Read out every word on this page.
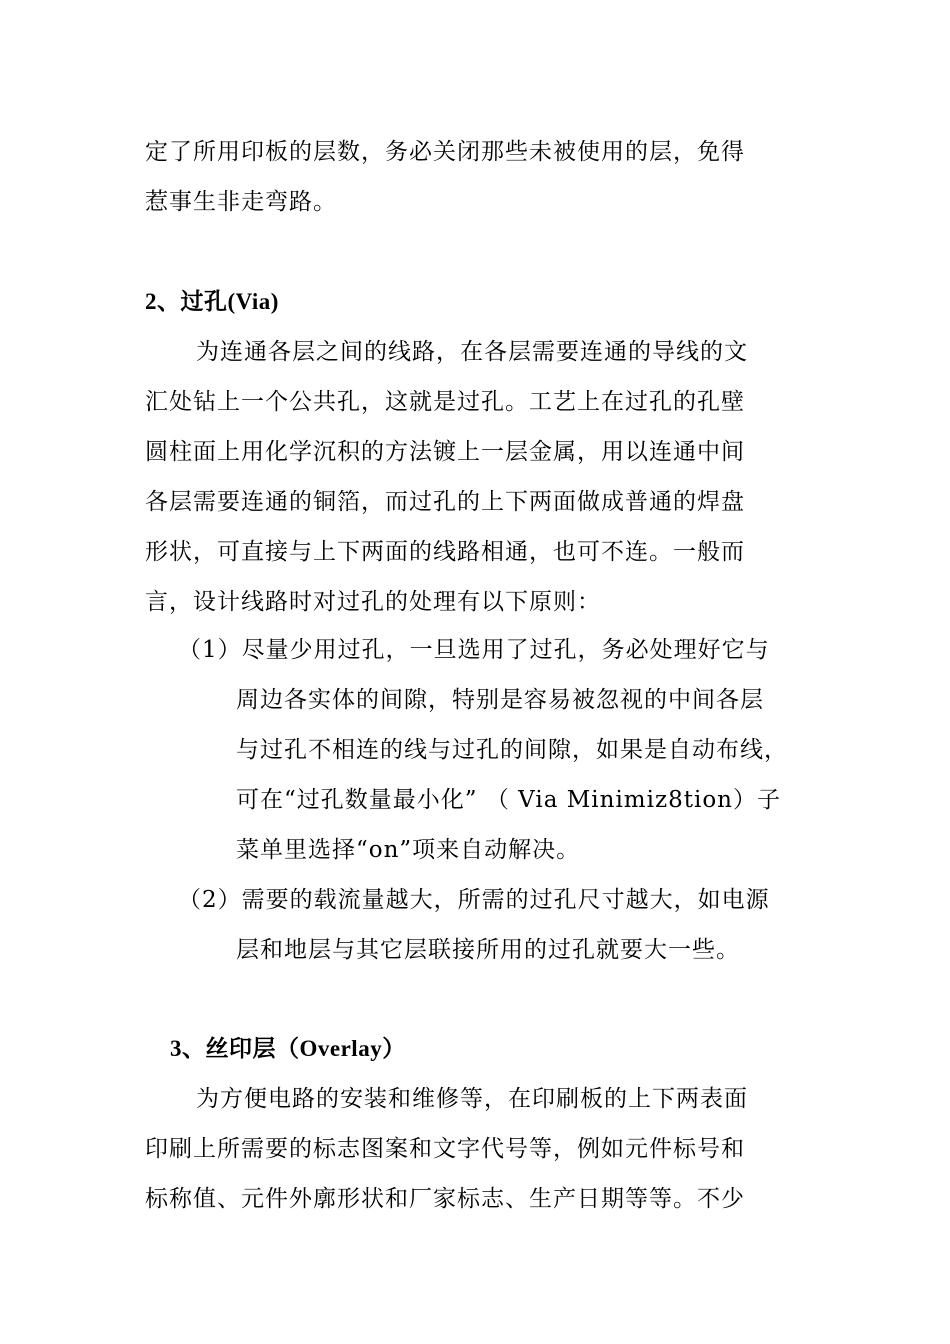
定了所用印板的层数，务必关闭那些未被使用的层，免得
惹事生非走弯路。
2、过孔(Via)
为连通各层之间的线路，在各层需要连通的导线的文
汇处钻上一个公共孔，这就是过孔。工艺上在过孔的孔壁
圆柱面上用化学沉积的方法镀上一层金属，用以连通中间
各层需要连通的铜箔，而过孔的上下两面做成普通的焊盘
形状，可直接与上下两面的线路相通，也可不连。一般而
言，设计线路时对过孔的处理有以下原则：
（1）尽量少用过孔，一旦选用了过孔，务必处理好它与
周边各实体的间隙，特别是容易被忽视的中间各层
与过孔不相连的线与过孔的间隙，如果是自动布线，
可在“过孔数量最小化” （ Via Minimiz8tion）子
菜单里选择“on”项来自动解决。
（2）需要的载流量越大，所需的过孔尺寸越大，如电源
层和地层与其它层联接所用的过孔就要大一些。
3、丝印层（Overlay）
为方便电路的安装和维修等，在印刷板的上下两表面
印刷上所需要的标志图案和文字代号等，例如元件标号和
标称值、元件外廓形状和厂家标志、生产日期等等。不少
